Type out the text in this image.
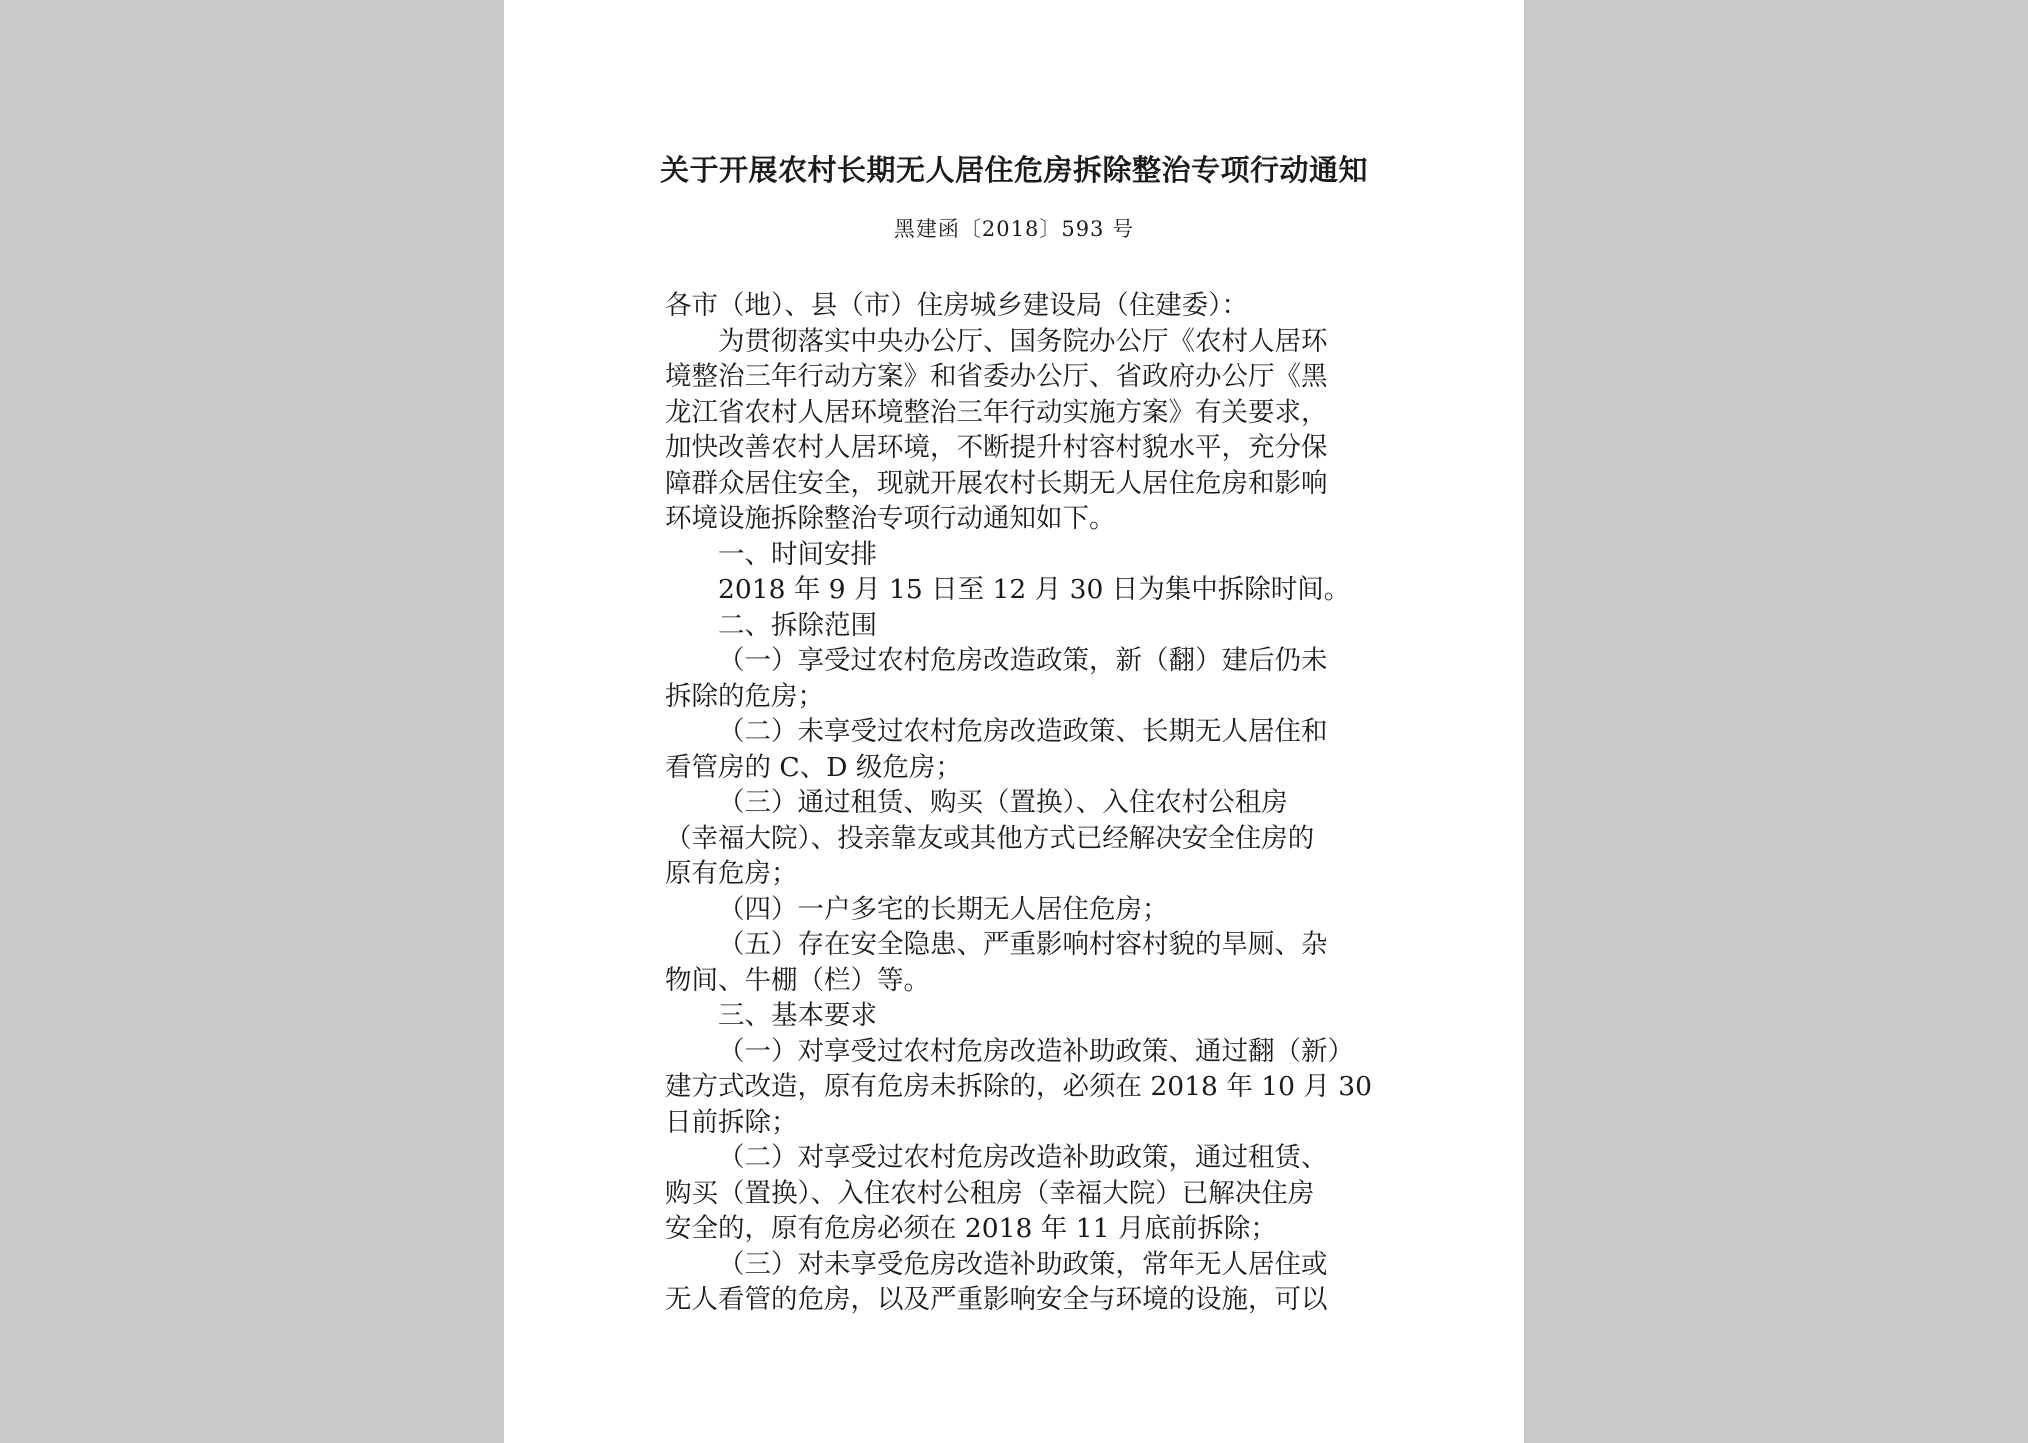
关于开展农村长期无人居住危房拆除整治专项行动通知
黑建函〔2018〕593 号

各市（地）、县（市）住房城乡建设局（住建委）：

为贯彻落实中央办公厅、国务院办公厅《农村人居环

境整治三年行动方案》和省委办公厅、省政府办公厅《黑

龙江省农村人居环境整治三年行动实施方案》有关要求，

加快改善农村人居环境，不断提升村容村貌水平，充分保

障群众居住安全，现就开展农村长期无人居住危房和影响

环境设施拆除整治专项行动通知如下。

一、时间安排

2018 年 9 月 15 日至 12 月 30 日为集中拆除时间。

二、拆除范围

（一）享受过农村危房改造政策，新（翻）建后仍未

拆除的危房；

（二）未享受过农村危房改造政策、长期无人居住和

看管房的 C、D 级危房；

（三）通过租赁、购买（置换）、入住农村公租房

（幸福大院）、投亲靠友或其他方式已经解决安全住房的

原有危房；

（四）一户多宅的长期无人居住危房；

（五）存在安全隐患、严重影响村容村貌的旱厕、杂

物间、牛棚（栏）等。

三、基本要求

（一）对享受过农村危房改造补助政策、通过翻（新）

建方式改造，原有危房未拆除的，必须在 2018 年 10 月 30

日前拆除；

（二）对享受过农村危房改造补助政策，通过租赁、

购买（置换）、入住农村公租房（幸福大院）已解决住房

安全的，原有危房必须在 2018 年 11 月底前拆除；

（三）对未享受危房改造补助政策，常年无人居住或

无人看管的危房，以及严重影响安全与环境的设施，可以
